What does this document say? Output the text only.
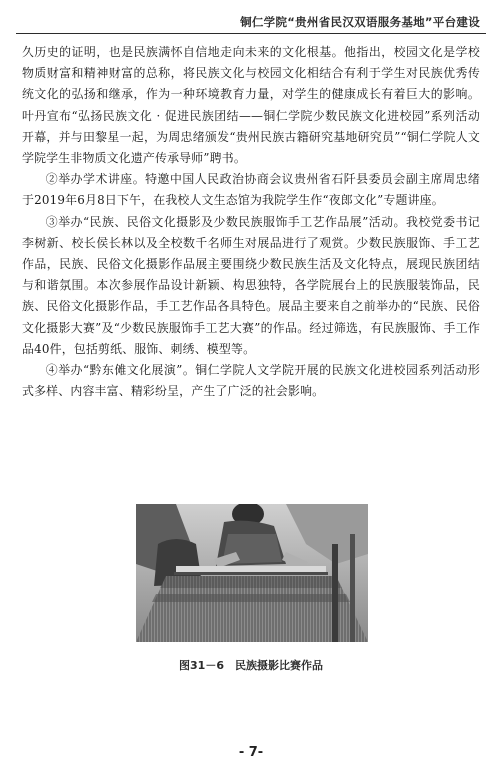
铜仁学院“贵州省民汉双语服务基地”平台建设

久历史的证明，也是民族满怀自信地走向未来的文化根基。他指出，校园文化是学校物质财富和精神财富的总称，将民族文化与校园文化相结合有利于学生对民族优秀传统文化的弘扬和继承，作为一种环境教育力量，对学生的健康成长有着巨大的影响。叶丹宣布“弘扬民族文化 · 促进民族团结——铜仁学院少数民族文化进校园”系列活动开幕，并与田黎星一起，为周忠绪颁发“贵州民族古籍研究基地研究员”“铜仁学院人文学院学生非物质文化遗产传承导师”聘书。

②举办学术讲座。特邀中国人民政治协商会议贵州省石阡县委员会副主席周忠绪于2019年6月8日下午，在我校人文生态馆为我院学生作“夜郎文化”专题讲座。

③举办“民族、民俗文化摄影及少数民族服饰手工艺作品展”活动。我校党委书记李树新、校长侯长林以及全校数千名师生对展品进行了观赏。少数民族服饰、手工艺作品，民族、民俗文化摄影作品展主要围绕少数民族生活及文化特点，展现民族团结与和谐氛围。本次参展作品设计新颖、构思独特，各学院展台上的民族服装饰品，民族、民俗文化摄影作品，手工艺作品各具特色。展品主要来自之前举办的“民族、民俗文化摄影大赛”及“少数民族服饰手工艺大赛”的作品。经过筛选，有民族服饰、手工作品40件，包括剪纸、服饰、刺绣、模型等。

④举办“黔东傩文化展演”。铜仁学院人文学院开展的民族文化进校园系列活动形式多样、内容丰富、精彩纷呈，产生了广泛的社会影响。

图31－6　民族摄影比赛作品
- 7-
